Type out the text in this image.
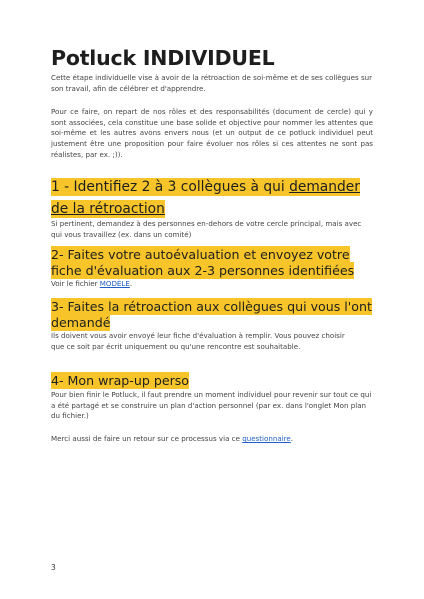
Potluck INDIVIDUEL

Cette étape individuelle vise à avoir de la rétroaction de soi-même et de ses collègues sur son travail, afin de célébrer et d'apprendre.

Pour ce faire, on repart de nos rôles et des responsabilités (document de cercle) qui y sont associées, cela constitue une base solide et objective pour nommer les attentes que soi-même et les autres avons envers nous (et un output de ce potluck individuel peut justement être une proposition pour faire évoluer nos rôles si ces attentes ne sont pas réalistes, par ex. ;)).

1 - Identifiez 2 à 3 collègues à qui demander de la rétroaction

Si pertinent, demandez à des personnes en-dehors de votre cercle principal, mais avec qui vous travaillez (ex. dans un comité)

2- Faites votre autoévaluation et envoyez votre fiche d'évaluation aux 2-3 personnes identifiées

Voir le fichier MODÈLE.

3- Faites la rétroaction aux collègues qui vous l'ont demandé

Ils doivent vous avoir envoyé leur fiche d'évaluation à remplir. Vous pouvez choisir que ce soit par écrit uniquement ou qu'une rencontre est souhaitable.

4- Mon wrap-up perso

Pour bien finir le Potluck, il faut prendre un moment individuel pour revenir sur tout ce qui a été partagé et se construire un plan d'action personnel (par ex. dans l'onglet Mon plan du fichier.)

Merci aussi de faire un retour sur ce processus via ce questionnaire.

3
